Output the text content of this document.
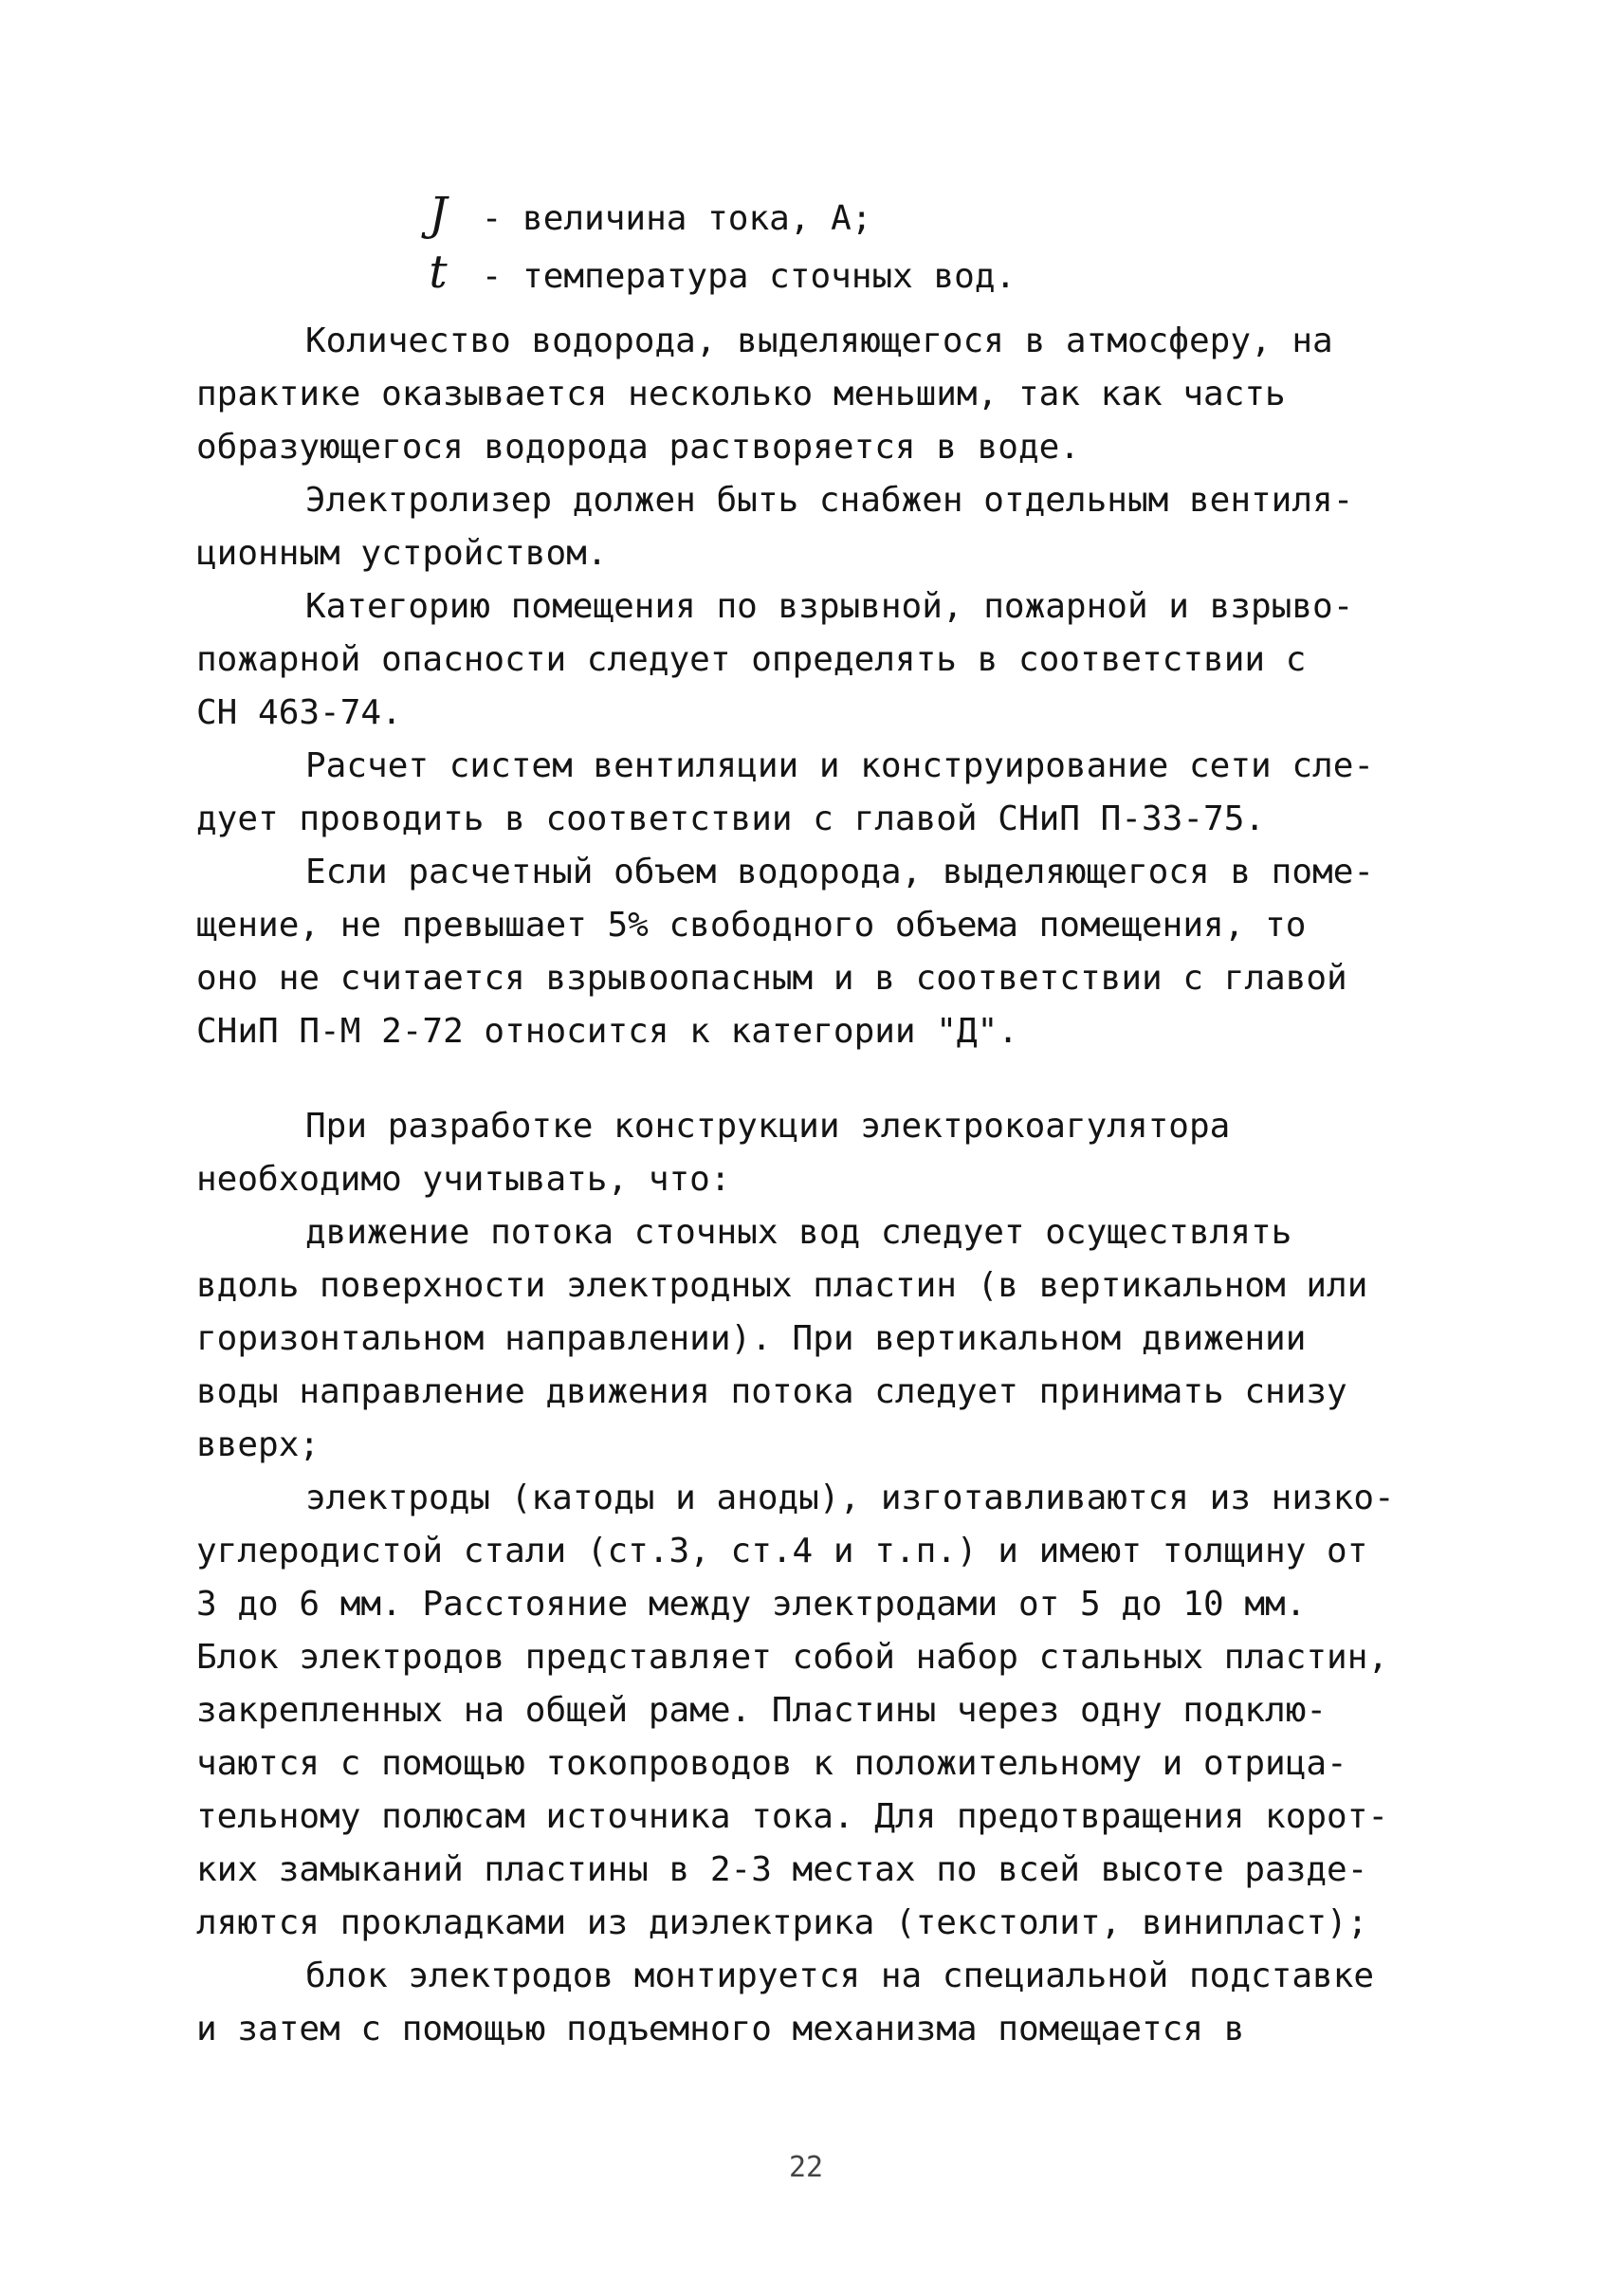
J - величина тока, А;
t - температура сточных вод.
Количество водорода, выделяющегося в атмосферу, на
практике оказывается несколько меньшим, так как часть
образующегося водорода растворяется в воде.
Электролизер должен быть снабжен отдельным вентиля-
ционным устройством.
Категорию помещения по взрывной, пожарной и взрыво-
пожарной опасности следует определять в соответствии с
СН 463-74.
Расчет систем вентиляции и конструирование сети сле-
дует проводить в соответствии с главой СНиП П-33-75.
Если расчетный объем водорода, выделяющегося в поме-
щение, не превышает 5% свободного объема помещения, то
оно не считается взрывоопасным и в соответствии с главой
СНиП П-М 2-72 относится к категории "Д".
При разработке конструкции электрокоагулятора
необходимо учитывать, что:
движение потока сточных вод следует осуществлять
вдоль поверхности электродных пластин (в вертикальном или
горизонтальном направлении). При вертикальном движении
воды направление движения потока следует принимать снизу
вверх;
электроды (катоды и аноды), изготавливаются из низко-
углеродистой стали (ст.3, ст.4 и т.п.) и имеют толщину от
3 до 6 мм. Расстояние между электродами от 5 до 10 мм.
Блок электродов представляет собой набор стальных пластин,
закрепленных на общей раме. Пластины через одну подклю-
чаются с помощью токопроводов к положительному и отрица-
тельному полюсам источника тока. Для предотвращения корот-
ких замыканий пластины в 2-3 местах по всей высоте разде-
ляются прокладками из диэлектрика (текстолит, винипласт);
блок электродов монтируется на специальной подставке
и затем с помощью подъемного механизма помещается в
22
